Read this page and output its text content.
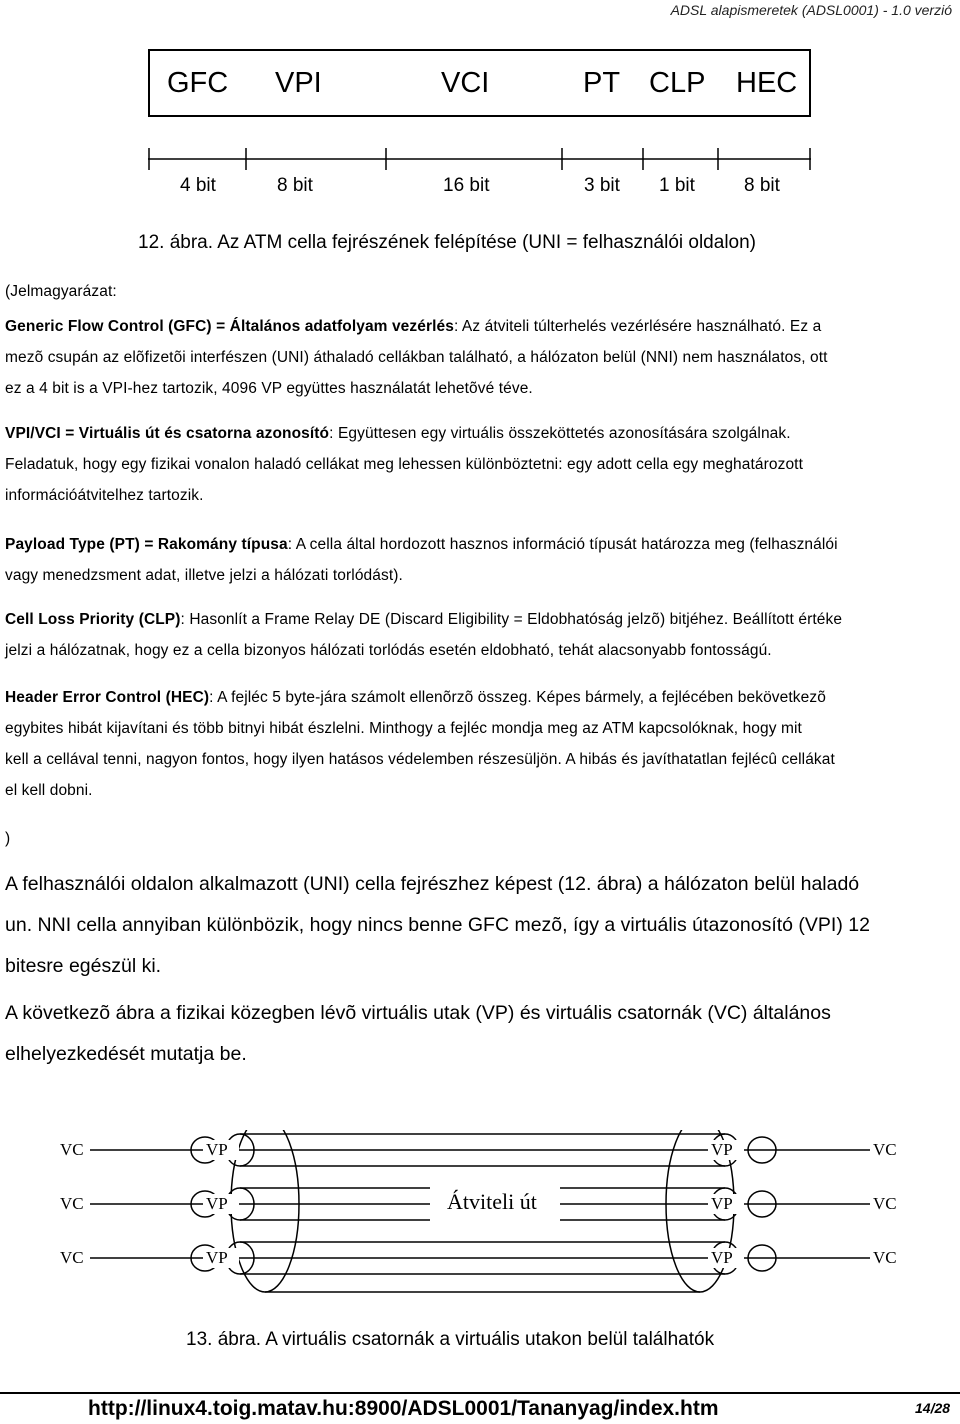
ADSL alapismeretek (ADSL0001) - 1.0 verzió
GFC VPI	VCI	PT CLP HEC
4 bit	8 bit	16 bit	3 bit 1 bit	8 bit
12. ábra. Az ATM cella fejrészének felépítése (UNI = felhasználói oldalon)
(Jelmagyarázat:
Generic Flow Control (GFC) = Általános adatfolyam vezérlés: Az átviteli túlterhelés vezérlésére használható. Ez a
mezõ csupán az elõfizetõi interfészen (UNI) áthaladó cellákban található, a hálózaton belül (NNI) nem használatos, ott
ez a 4 bit is a VPI-hez tartozik, 4096 VP együttes használatát lehetõvé téve.
VPI/VCI = Virtuális út és csatorna azonosító: Együttesen egy virtuális összeköttetés azonosítására szolgálnak.
Feladatuk, hogy egy fizikai vonalon haladó cellákat meg lehessen különböztetni: egy adott cella egy meghatározott
információátvitelhez tartozik.
Payload Type (PT) = Rakomány típusa: A cella által hordozott hasznos információ típusát határozza meg (felhasználói
vagy menedzsment adat, illetve jelzi a hálózati torlódást).
Cell Loss Priority (CLP): Hasonlít a Frame Relay DE (Discard Eligibility = Eldobhatóság jelzõ) bitjéhez. Beállított értéke
jelzi a hálózatnak, hogy ez a cella bizonyos hálózati torlódás esetén eldobható, tehát alacsonyabb fontosságú.
Header Error Control (HEC): A fejléc 5 byte-jára számolt ellenõrzõ összeg. Képes bármely, a fejlécében bekövetkezõ
egybites hibát kijavítani és több bitnyi hibát észlelni. Minthogy a fejléc mondja meg az ATM kapcsolóknak, hogy mit
kell a cellával tenni, nagyon fontos, hogy ilyen hatásos védelemben részesüljön. A hibás és javíthatatlan fejlécû cellákat
el kell dobni.
)
A felhasználói oldalon alkalmazott (UNI) cella fejrészhez képest (12. ábra) a hálózaton belül haladó
un. NNI cella annyiban különbözik, hogy nincs benne GFC mezõ, így a virtuális útazonosító (VPI) 12
bitesre egészül ki.
A következõ ábra a fizikai közegben lévõ virtuális utak (VP) és virtuális csatornák (VC) általános
elhelyezkedését mutatja be.
VC
VC
VC
VP
VP
VP
Átviteli út
VP
VP
VP
VC
VC
VC
13. ábra. A virtuális csatornák a virtuális utakon belül találhatók
http://linux4.toig.matav.hu:8900/ADSL0001/Tananyag/index.htm	14/28
